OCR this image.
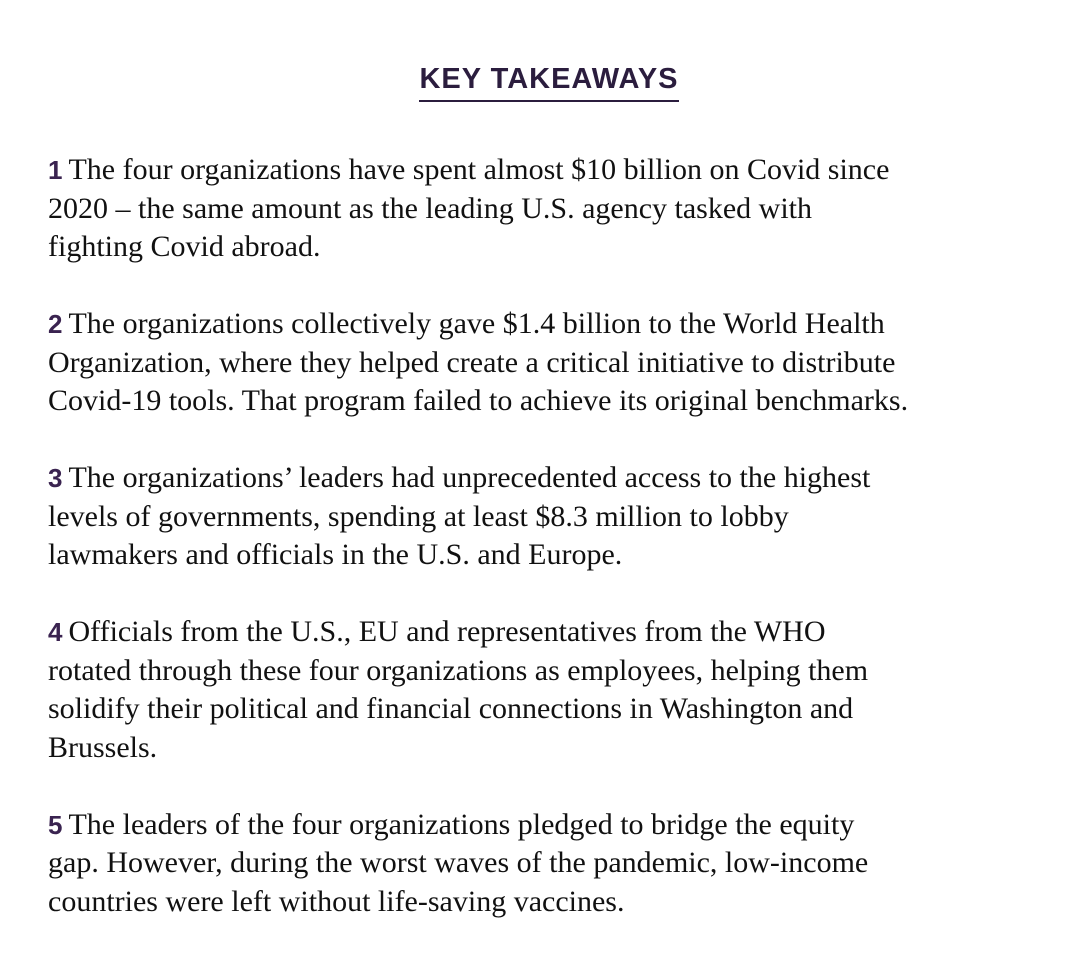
KEY TAKEAWAYS
1 The four organizations have spent almost $10 billion on Covid since
2020 – the same amount as the leading U.S. agency tasked with
fighting Covid abroad.
2 The organizations collectively gave $1.4 billion to the World Health
Organization, where they helped create a critical initiative to distribute
Covid-19 tools. That program failed to achieve its original benchmarks.
3 The organizations’ leaders had unprecedented access to the highest
levels of governments, spending at least $8.3 million to lobby
lawmakers and officials in the U.S. and Europe.
4 Officials from the U.S., EU and representatives from the WHO
rotated through these four organizations as employees, helping them
solidify their political and financial connections in Washington and
Brussels.
5 The leaders of the four organizations pledged to bridge the equity
gap. However, during the worst waves of the pandemic, low-income
countries were left without life-saving vaccines.
